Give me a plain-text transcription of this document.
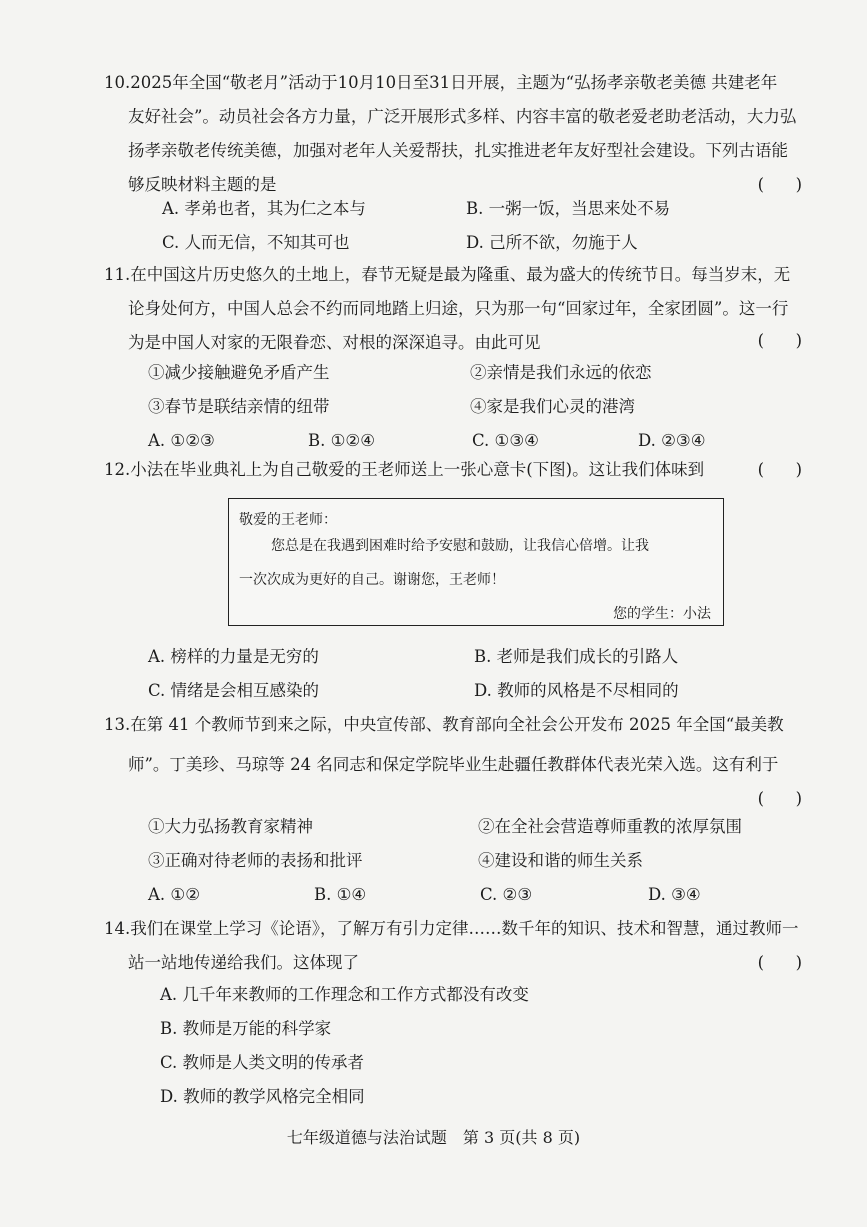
10.2025年全国“敬老月”活动于10月10日至31日开展，主题为“弘扬孝亲敬老美德 共建老年
友好社会”。动员社会各方力量，广泛开展形式多样、内容丰富的敬老爱老助老活动，大力弘
扬孝亲敬老传统美德，加强对老年人关爱帮扶，扎实推进老年友好型社会建设。下列古语能
够反映材料主题的是	(      )
A. 孝弟也者，其为仁之本与	B. 一粥一饭，当思来处不易
C. 人而无信，不知其可也	D. 己所不欲，勿施于人
11.在中国这片历史悠久的土地上，春节无疑是最为隆重、最为盛大的传统节日。每当岁末，无
论身处何方，中国人总会不约而同地踏上归途，只为那一句“回家过年，全家团圆”。这一行
为是中国人对家的无限眷恋、对根的深深追寻。由此可见	(      )
①减少接触避免矛盾产生	②亲情是我们永远的依恋
③春节是联结亲情的纽带	④家是我们心灵的港湾
A. ①②③	B. ①②④	C. ①③④	D. ②③④
12.小法在毕业典礼上为自己敬爱的王老师送上一张心意卡(下图)。这让我们体味到	(      )
敬爱的王老师：
您总是在我遇到困难时给予安慰和鼓励，让我信心倍增。让我
一次次成为更好的自己。谢谢您，王老师！
您的学生：小法
A. 榜样的力量是无穷的	B. 老师是我们成长的引路人
C. 情绪是会相互感染的	D. 教师的风格是不尽相同的
13.在第 41 个教师节到来之际，中央宣传部、教育部向全社会公开发布 2025 年全国“最美教
师”。丁美珍、马琼等 24 名同志和保定学院毕业生赴疆任教群体代表光荣入选。这有利于
(      )
①大力弘扬教育家精神	②在全社会营造尊师重教的浓厚氛围
③正确对待老师的表扬和批评	④建设和谐的师生关系
A. ①②	B. ①④	C. ②③	D. ③④
14.我们在课堂上学习《论语》，了解万有引力定律……数千年的知识、技术和智慧，通过教师一
站一站地传递给我们。这体现了	(      )
A. 几千年来教师的工作理念和工作方式都没有改变
B. 教师是万能的科学家
C. 教师是人类文明的传承者
D. 教师的教学风格完全相同
七年级道德与法治试题　第 3 页(共 8 页)
